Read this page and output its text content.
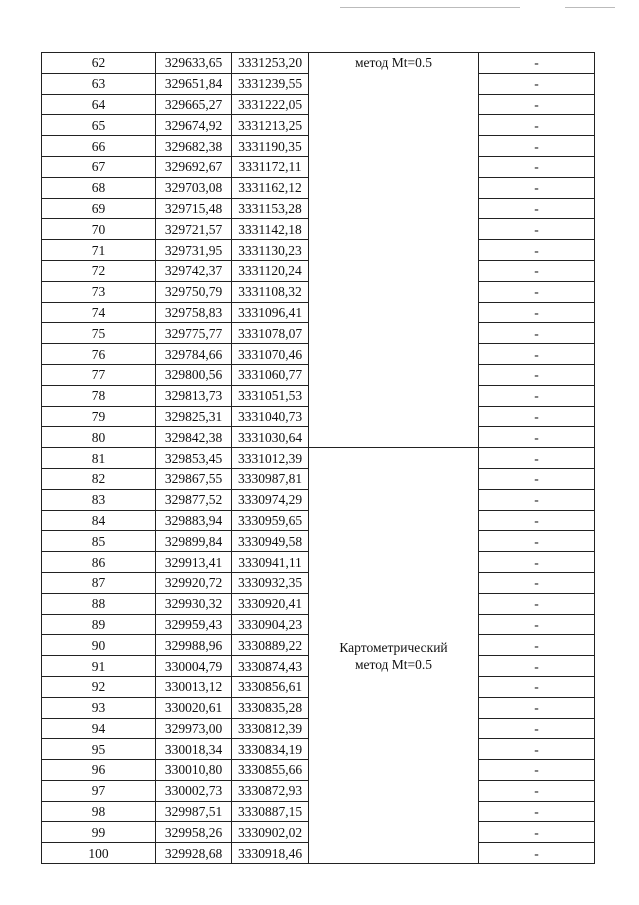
62	329633,65	3331253,20	метод Mt=0.5	-
63	329651,84	3331239,55		-
64	329665,27	3331222,05		-
65	329674,92	3331213,25		-
66	329682,38	3331190,35		-
67	329692,67	3331172,11		-
68	329703,08	3331162,12		-
69	329715,48	3331153,28		-
70	329721,57	3331142,18		-
71	329731,95	3331130,23		-
72	329742,37	3331120,24		-
73	329750,79	3331108,32		-
74	329758,83	3331096,41		-
75	329775,77	3331078,07		-
76	329784,66	3331070,46		-
77	329800,56	3331060,77		-
78	329813,73	3331051,53		-
79	329825,31	3331040,73		-
80	329842,38	3331030,64		-
81	329853,45	3331012,39	Картометрический метод Mt=0.5	-
82	329867,55	3330987,81		-
83	329877,52	3330974,29		-
84	329883,94	3330959,65		-
85	329899,84	3330949,58		-
86	329913,41	3330941,11		-
87	329920,72	3330932,35		-
88	329930,32	3330920,41		-
89	329959,43	3330904,23		-
90	329988,96	3330889,22		-
91	330004,79	3330874,43		-
92	330013,12	3330856,61		-
93	330020,61	3330835,28		-
94	329973,00	3330812,39		-
95	330018,34	3330834,19		-
96	330010,80	3330855,66		-
97	330002,73	3330872,93		-
98	329987,51	3330887,15		-
99	329958,26	3330902,02		-
100	329928,68	3330918,46		-
